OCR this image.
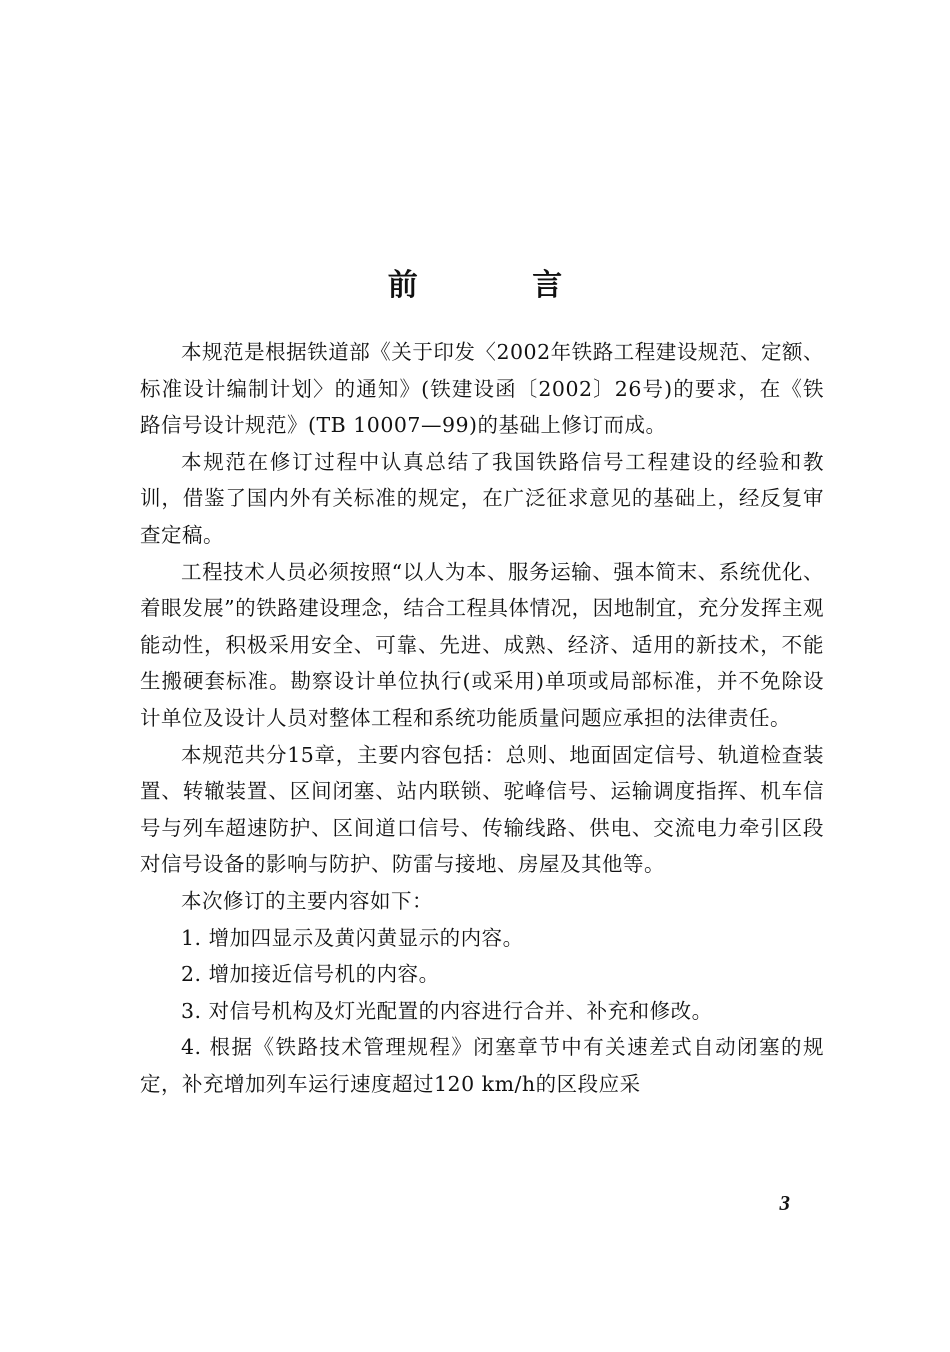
前 言

本规范是根据铁道部《关于印发〈2002年铁路工程建设规范、定额、标准设计编制计划〉的通知》(铁建设函〔2002〕26号)的要求，在《铁路信号设计规范》(TB 10007—99)的基础上修订而成。

本规范在修订过程中认真总结了我国铁路信号工程建设的经验和教训，借鉴了国内外有关标准的规定，在广泛征求意见的基础上，经反复审查定稿。

工程技术人员必须按照“以人为本、服务运输、强本简末、系统优化、着眼发展”的铁路建设理念，结合工程具体情况，因地制宜，充分发挥主观能动性，积极采用安全、可靠、先进、成熟、经济、适用的新技术，不能生搬硬套标准。勘察设计单位执行(或采用)单项或局部标准，并不免除设计单位及设计人员对整体工程和系统功能质量问题应承担的法律责任。

本规范共分15章，主要内容包括：总则、地面固定信号、轨道检查装置、转辙装置、区间闭塞、站内联锁、驼峰信号、运输调度指挥、机车信号与列车超速防护、区间道口信号、传输线路、供电、交流电力牵引区段对信号设备的影响与防护、防雷与接地、房屋及其他等。

本次修订的主要内容如下：

1. 增加四显示及黄闪黄显示的内容。

2. 增加接近信号机的内容。

3. 对信号机构及灯光配置的内容进行合并、补充和修改。

4. 根据《铁路技术管理规程》闭塞章节中有关速差式自动闭塞的规定，补充增加列车运行速度超过120 km/h的区段应采

3
